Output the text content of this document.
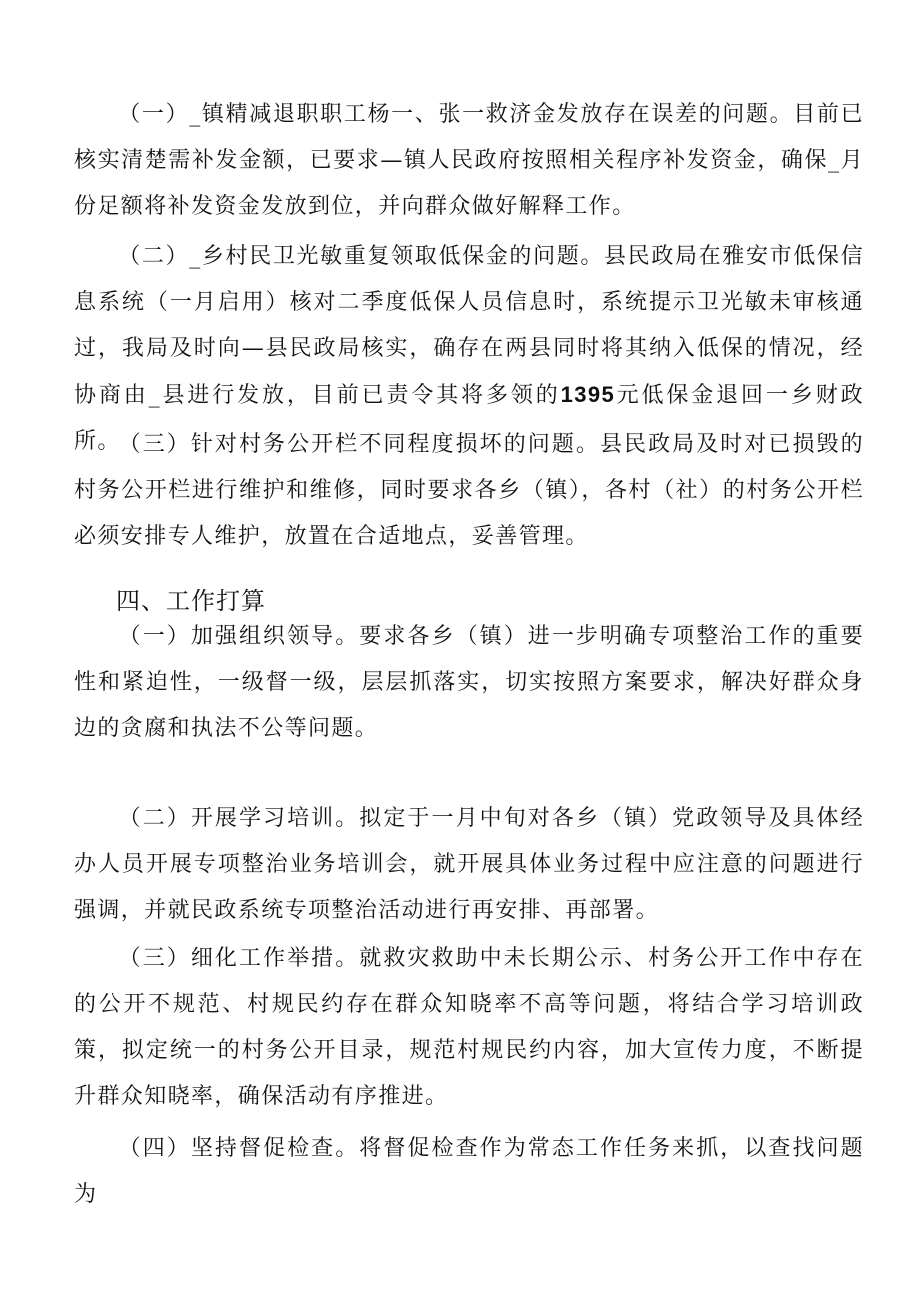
（一）_镇精减退职职工杨一、张一救济金发放存在误差的问题。目前已核实清楚需补发金额，已要求—镇人民政府按照相关程序补发资金，确保_月份足额将补发资金发放到位，并向群众做好解释工作。

（二）_乡村民卫光敏重复领取低保金的问题。县民政局在雅安市低保信息系统（一月启用）核对二季度低保人员信息时，系统提示卫光敏未审核通过，我局及时向—县民政局核实，确存在两县同时将其纳入低保的情况，经协商由_县进行发放，目前已责令其将多领的1395元低保金退回一乡财政所。

（三）针对村务公开栏不同程度损坏的问题。县民政局及时对已损毁的村务公开栏进行维护和维修，同时要求各乡（镇），各村（社）的村务公开栏必须安排专人维护，放置在合适地点，妥善管理。

四、工作打算

（一）加强组织领导。要求各乡（镇）进一步明确专项整治工作的重要性和紧迫性，一级督一级，层层抓落实，切实按照方案要求，解决好群众身边的贪腐和执法不公等问题。

（二）开展学习培训。拟定于一月中旬对各乡（镇）党政领导及具体经办人员开展专项整治业务培训会，就开展具体业务过程中应注意的问题进行强调，并就民政系统专项整治活动进行再安排、再部署。

（三）细化工作举措。就救灾救助中未长期公示、村务公开工作中存在的公开不规范、村规民约存在群众知晓率不高等问题，将结合学习培训政策，拟定统一的村务公开目录，规范村规民约内容，加大宣传力度，不断提升群众知晓率，确保活动有序推进。

（四）坚持督促检查。将督促检查作为常态工作任务来抓，以查找问题为
